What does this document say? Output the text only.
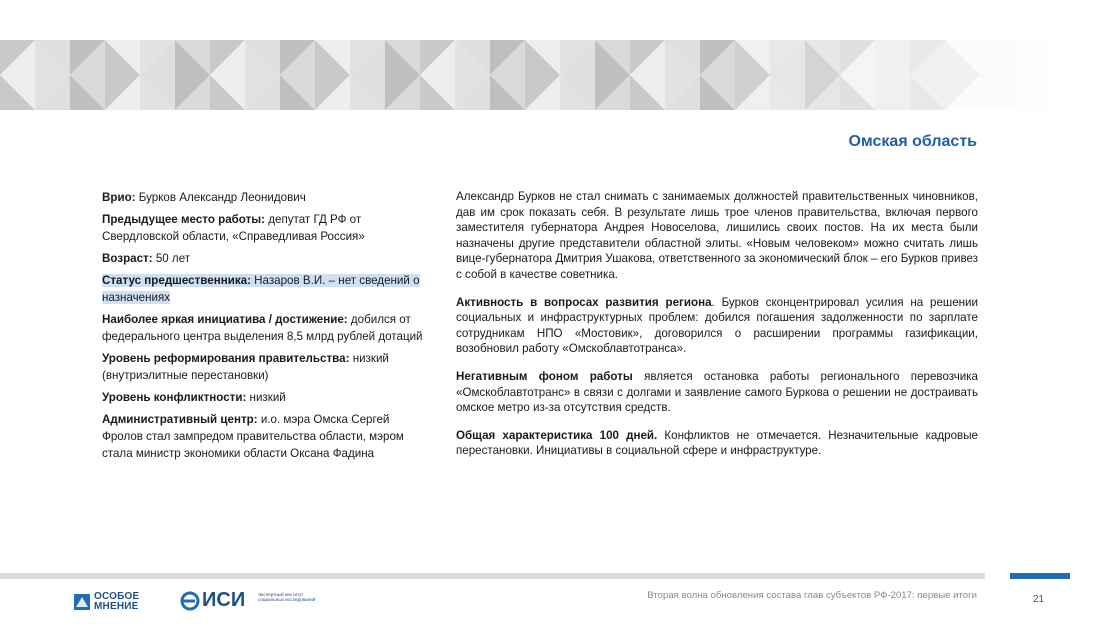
Омская область

Врио: Бурков Александр Леонидович

Предыдущее место работы: депутат ГД РФ от Свердловской области, «Справедливая Россия»

Возраст: 50 лет

Статус предшественника: Назаров В.И. – нет сведений о назначениях

Наиболее яркая инициатива / достижение: добился от федерального центра выделения 8,5 млрд рублей дотаций

Уровень реформирования правительства: низкий (внутриэлитные перестановки)

Уровень конфликтности: низкий

Административный центр: и.о. мэра Омска Сергей Фролов стал зампредом правительства области, мэром стала министр экономики области Оксана Фадина

Александр Бурков не стал снимать с занимаемых должностей правительственных чиновников, дав им срок показать себя. В результате лишь трое членов правительства, включая первого заместителя губернатора Андрея Новоселова, лишились своих постов. На их места были назначены другие представители областной элиты. «Новым человеком» можно считать лишь вице-губернатора Дмитрия Ушакова, ответственного за экономический блок – его Бурков привез с собой в качестве советника.

Активность в вопросах развития региона. Бурков сконцентрировал усилия на решении социальных и инфраструктурных проблем: добился погашения задолженности по зарплате сотрудникам НПО «Мостовик», договорился о расширении программы газификации, возобновил работу «Омскоблавтотранса».

Негативным фоном работы является остановка работы регионального перевозчика «Омскоблавтотранс» в связи с долгами и заявление самого Буркова о решении не достраивать омское метро из-за отсутствия средств.

Общая характеристика 100 дней. Конфликтов не отмечается. Незначительные кадровые перестановки. Инициативы в социальной сфере и инфраструктуре.

ОСОБОЕ
МНЕНИЕ	ИСИ	Экспертный институт социальных исследований	Вторая волна обновления состава глав субъектов РФ-2017: первые итоги	21
